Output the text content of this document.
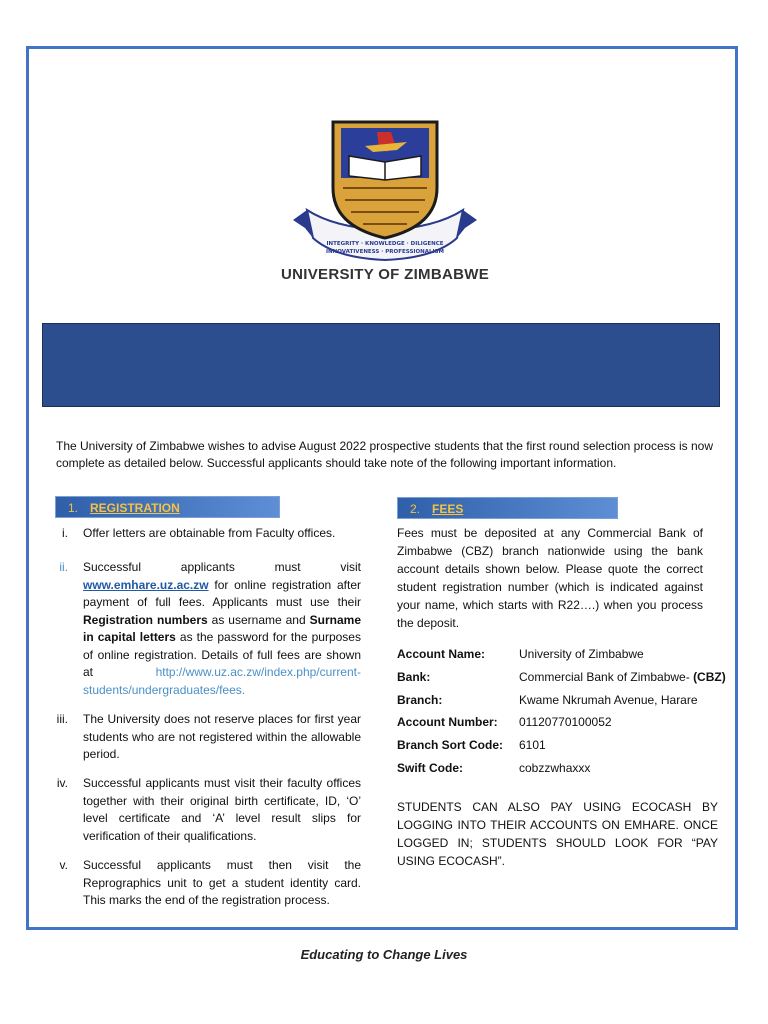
INTEGRITY · KNOWLEDGE · DILIGENCE
INNOVATIVENESS · PROFESSIONALISM
UNIVERSITY OF ZIMBABWE
The University of Zimbabwe wishes to advise August 2022 prospective students that the first round selection process is now complete as detailed below. Successful applicants should take note of the following important information.
1. REGISTRATION
i. Offer letters are obtainable from Faculty offices.
ii. Successful applicants must visit www.emhare.uz.ac.zw for online registration after payment of full fees. Applicants must use their Registration numbers as username and Surname in capital letters as the password for the purposes of online registration. Details of full fees are shown at http://www.uz.ac.zw/index.php/current-students/undergraduates/fees.
iii. The University does not reserve places for first year students who are not registered within the allowable period.
iv. Successful applicants must visit their faculty offices together with their original birth certificate, ID, ‘O’ level certificate and ‘A’ level result slips for verification of their qualifications.
v. Successful applicants must then visit the Reprographics unit to get a student identity card. This marks the end of the registration process.
2. FEES
Fees must be deposited at any Commercial Bank of Zimbabwe (CBZ) branch nationwide using the bank account details shown below. Please quote the correct student registration number (which is indicated against your name, which starts with R22….) when you process the deposit.
Account Name:	University of Zimbabwe
Bank:	Commercial Bank of Zimbabwe- (CBZ)
Branch:	Kwame Nkrumah Avenue, Harare
Account Number: 01120770100052
Branch Sort Code: 6101
Swift Code:	cobzzwhaxxx
STUDENTS CAN ALSO PAY USING ECOCASH BY LOGGING INTO THEIR ACCOUNTS ON EMHARE. ONCE LOGGED IN; STUDENTS SHOULD LOOK FOR “PAY USING ECOCASH”.
Educating to Change Lives
